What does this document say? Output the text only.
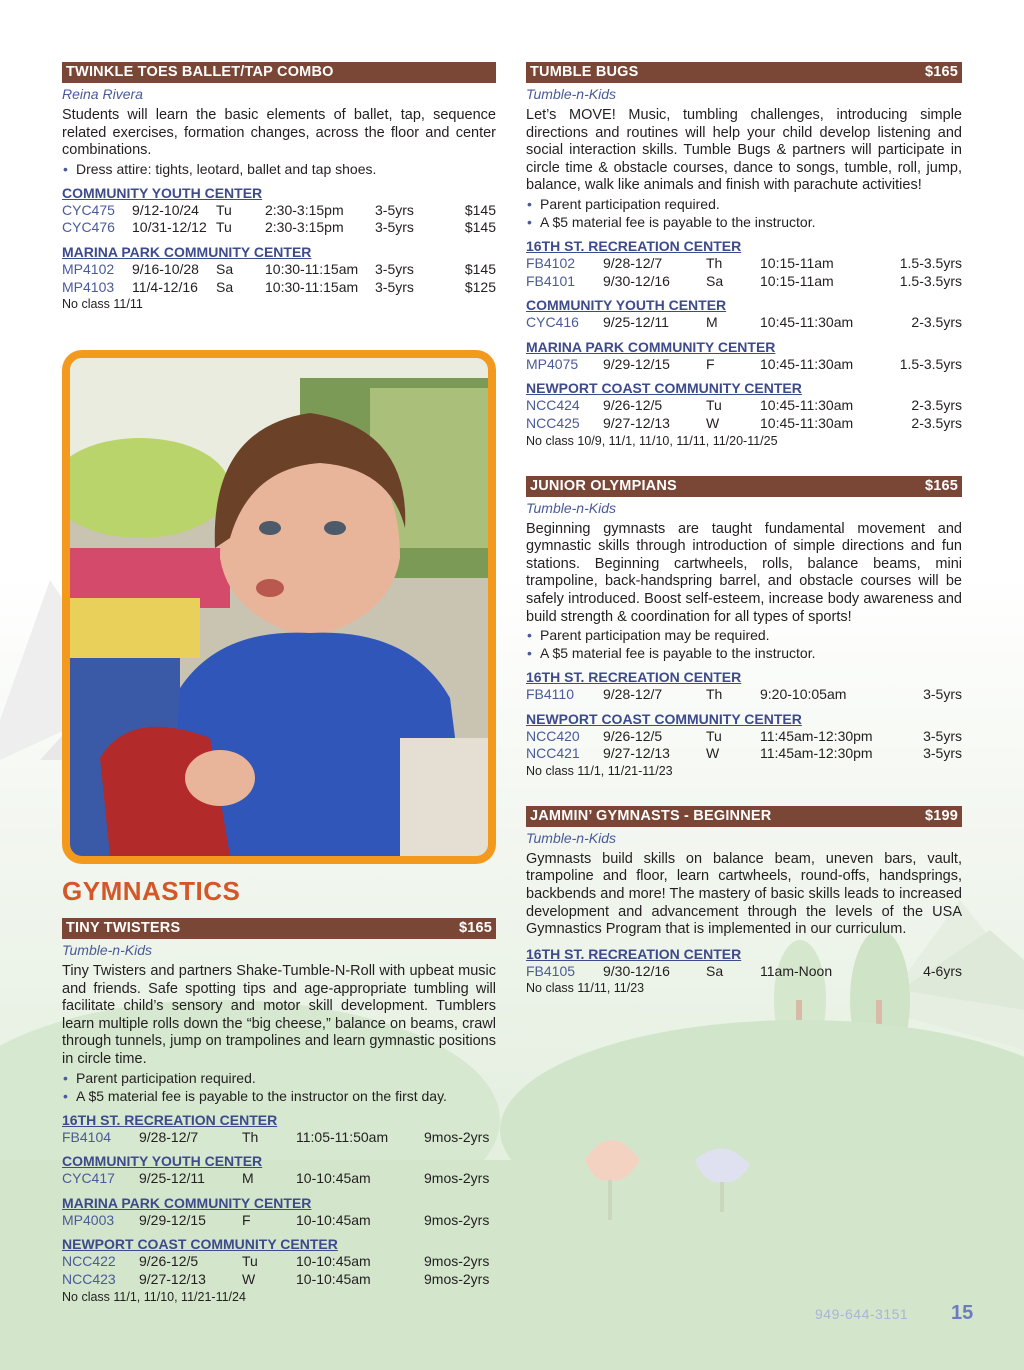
TWINKLE TOES BALLET/TAP COMBO
Reina Rivera
Students will learn the basic elements of ballet, tap, sequence related exercises, formation changes, across the floor and center combinations.
• Dress attire: tights, leotard, ballet and tap shoes.
COMMUNITY YOUTH CENTER
CYC475	9/12-10/24	Tu	2:30-3:15pm	3-5yrs	$145
CYC476	10/31-12/12 Tu	2:30-3:15pm	3-5yrs	$145
MARINA PARK COMMUNITY CENTER
MP4102	9/16-10/28	Sa	10:30-11:15am	3-5yrs	$145
MP4103	11/4-12/16	Sa	10:30-11:15am	3-5yrs	$125
No class 11/11
GYMNASTICS
TINY TWISTERS	$165
Tumble-n-Kids
Tiny Twisters and partners Shake-Tumble-N-Roll with upbeat music and friends. Safe spotting tips and age-appropriate tumbling will facilitate child’s sensory and motor skill development. Tumblers learn multiple rolls down the “big cheese,” balance on beams, crawl through tunnels, jump on trampolines and learn gymnastic positions in circle time.
• Parent participation required.
• A $5 material fee is payable to the instructor on the first day.
16TH ST. RECREATION CENTER
FB4104	9/28-12/7	Th	11:05-11:50am	9mos-2yrs
COMMUNITY YOUTH CENTER
CYC417	9/25-12/11	M	10-10:45am	9mos-2yrs
MARINA PARK COMMUNITY CENTER
MP4003	9/29-12/15	F	10-10:45am	9mos-2yrs
NEWPORT COAST COMMUNITY CENTER
NCC422	9/26-12/5	Tu	10-10:45am	9mos-2yrs
NCC423	9/27-12/13	W	10-10:45am	9mos-2yrs
No class 11/1, 11/10, 11/21-11/24
TUMBLE BUGS	$165
Tumble-n-Kids
Let’s MOVE! Music, tumbling challenges, introducing simple directions and routines will help your child develop listening and social interaction skills. Tumble Bugs & partners will participate in circle time & obstacle courses, dance to songs, tumble, roll, jump, balance, walk like animals and finish with parachute activities!
• Parent participation required.
• A $5 material fee is payable to the instructor.
16TH ST. RECREATION CENTER
FB4102	9/28-12/7	Th	10:15-11am	1.5-3.5yrs
FB4101	9/30-12/16	Sa	10:15-11am	1.5-3.5yrs
COMMUNITY YOUTH CENTER
CYC416	9/25-12/11	M	10:45-11:30am	2-3.5yrs
MARINA PARK COMMUNITY CENTER
MP4075	9/29-12/15	F	10:45-11:30am	1.5-3.5yrs
NEWPORT COAST COMMUNITY CENTER
NCC424	9/26-12/5	Tu	10:45-11:30am	2-3.5yrs
NCC425	9/27-12/13	W	10:45-11:30am	2-3.5yrs
No class 10/9, 11/1, 11/10, 11/11, 11/20-11/25
JUNIOR OLYMPIANS	$165
Tumble-n-Kids
Beginning gymnasts are taught fundamental movement and gymnastic skills through introduction of simple directions and fun stations. Beginning cartwheels, rolls, balance beams, mini trampoline, back-handspring barrel, and obstacle courses will be safely introduced. Boost self-esteem, increase body awareness and build strength & coordination for all types of sports!
• Parent participation may be required.
• A $5 material fee is payable to the instructor.
16TH ST. RECREATION CENTER
FB4110	9/28-12/7	Th	9:20-10:05am	3-5yrs
NEWPORT COAST COMMUNITY CENTER
NCC420	9/26-12/5	Tu	11:45am-12:30pm	3-5yrs
NCC421	9/27-12/13	W	11:45am-12:30pm	3-5yrs
No class 11/1, 11/21-11/23
JAMMIN’ GYMNASTS - BEGINNER	$199
Tumble-n-Kids
Gymnasts build skills on balance beam, uneven bars, vault, trampoline and floor, learn cartwheels, round-offs, handsprings, backbends and more! The mastery of basic skills leads to increased development and advancement through the levels of the USA Gymnastics Program that is implemented in our curriculum.
16TH ST. RECREATION CENTER
FB4105	9/30-12/16	Sa	11am-Noon	4-6yrs
No class 11/11, 11/23
949-644-3151 15
